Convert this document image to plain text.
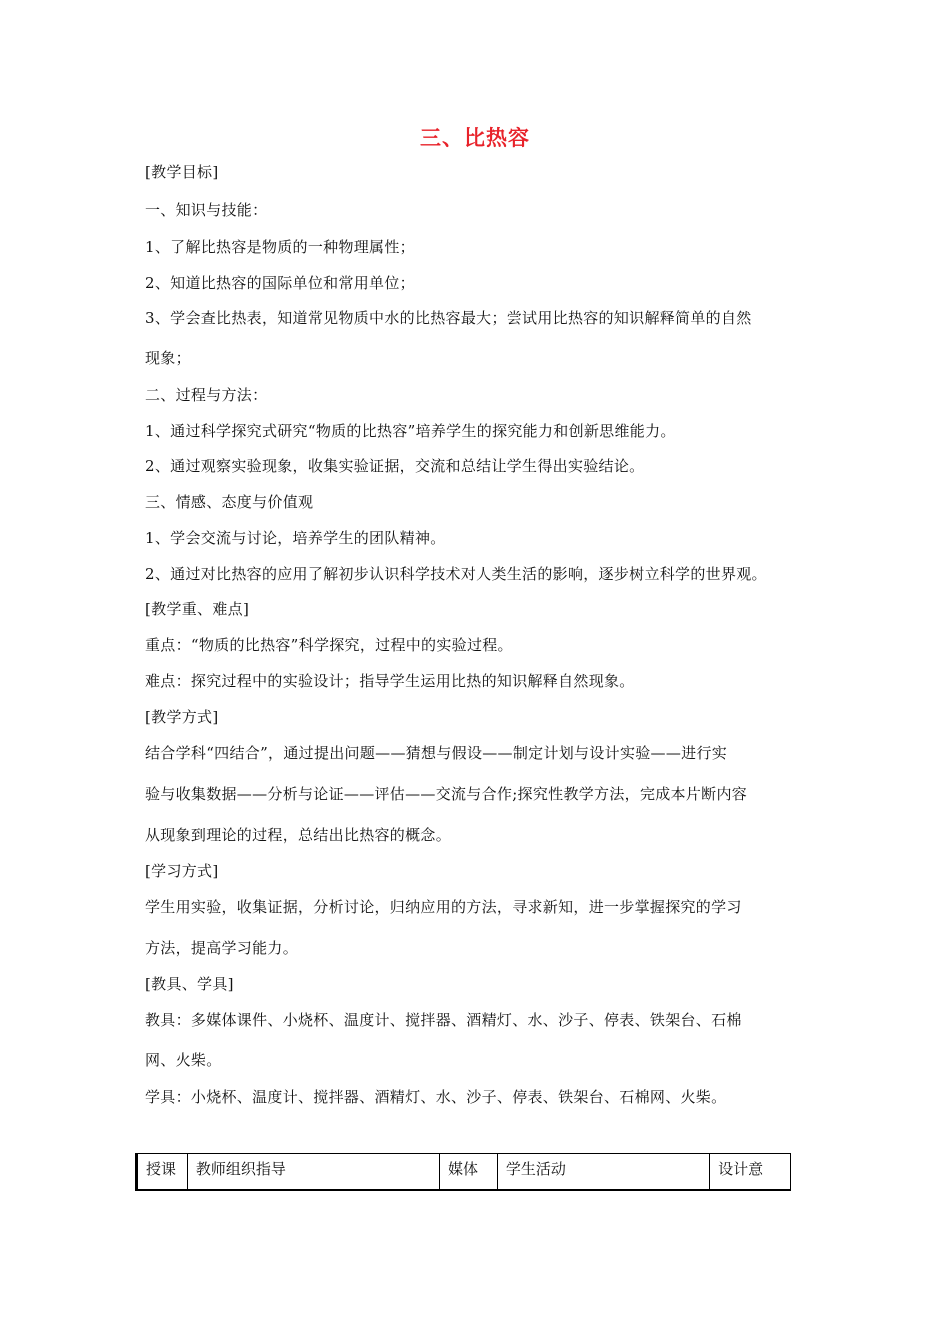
三、比热容
[教学目标]
一、知识与技能：
1、了解比热容是物质的一种物理属性；
2、知道比热容的国际单位和常用单位；
3、学会查比热表，知道常见物质中水的比热容最大；尝试用比热容的知识解释简单的自然
现象；
二、过程与方法：
1、通过科学探究式研究“物质的比热容”培养学生的探究能力和创新思维能力。
2、通过观察实验现象，收集实验证据，交流和总结让学生得出实验结论。
三、情感、态度与价值观
1、学会交流与讨论，培养学生的团队精神。
2、通过对比热容的应用了解初步认识科学技术对人类生活的影响，逐步树立科学的世界观。
[教学重、难点]
重点：“物质的比热容”科学探究，过程中的实验过程。
难点：探究过程中的实验设计；指导学生运用比热的知识解释自然现象。
[教学方式]
结合学科“四结合”，通过提出问题——猜想与假设——制定计划与设计实验——进行实
验与收集数据——分析与论证——评估——交流与合作;探究性教学方法，完成本片断内容
从现象到理论的过程，总结出比热容的概念。
[学习方式]
学生用实验，收集证据，分析讨论，归纳应用的方法，寻求新知，进一步掌握探究的学习
方法，提高学习能力。
[教具、学具]
教具：多媒体课件、小烧杯、温度计、搅拌器、酒精灯、水、沙子、停表、铁架台、石棉
网、火柴。
学具：小烧杯、温度计、搅拌器、酒精灯、水、沙子、停表、铁架台、石棉网、火柴。
授课	教师组织指导	媒体	学生活动	设计意
